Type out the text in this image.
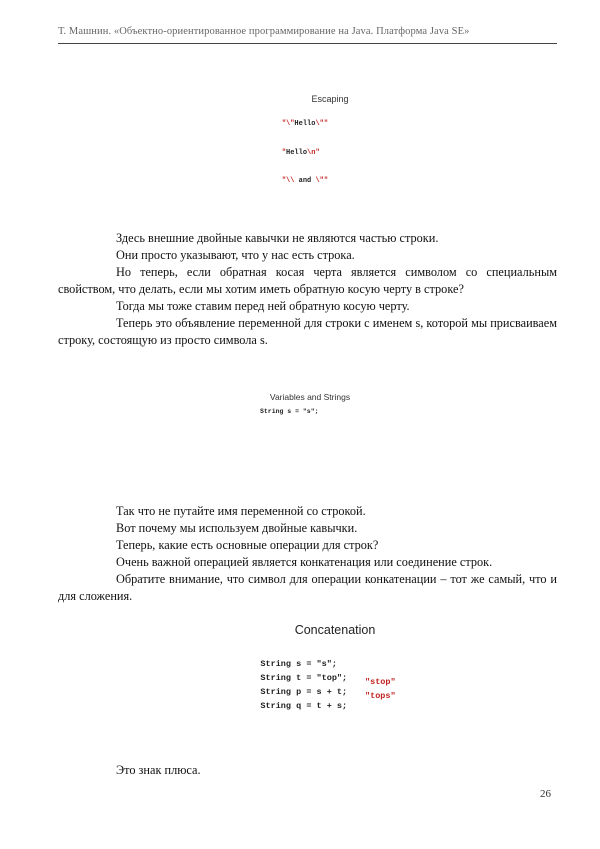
Т. Машнин. «Объектно-ориентированное программирование на Java. Платформа Java SE»
Escaping

"\"Hello\""

"Hello\n"

"\\ and \""

Здесь внешние двойные кавычки не являются частью строки.

Они просто указывают, что у нас есть строка.

Но теперь, если обратная косая черта является символом со специальным свойством, что делать, если мы хотим иметь обратную косую черту в строке?

Тогда мы тоже ставим перед ней обратную косую черту.

Теперь это объявление переменной для строки с именем s, которой мы присваиваем строку, состоящую из просто символа s.

Variables and Strings
String s = "s";

Так что не путайте имя переменной со строкой.

Вот почему мы используем двойные кавычки.

Теперь, какие есть основные операции для строк?

Очень важной операцией является конкатенация или соединение строк.

Обратите внимание, что символ для операции конкатенации – тот же самый, что и для сложения.

Concatenation

String s = "s";

String t = "top";

String p = s + t;

"stop"

String q = t + s;

"tops"

Это знак плюса.

26
